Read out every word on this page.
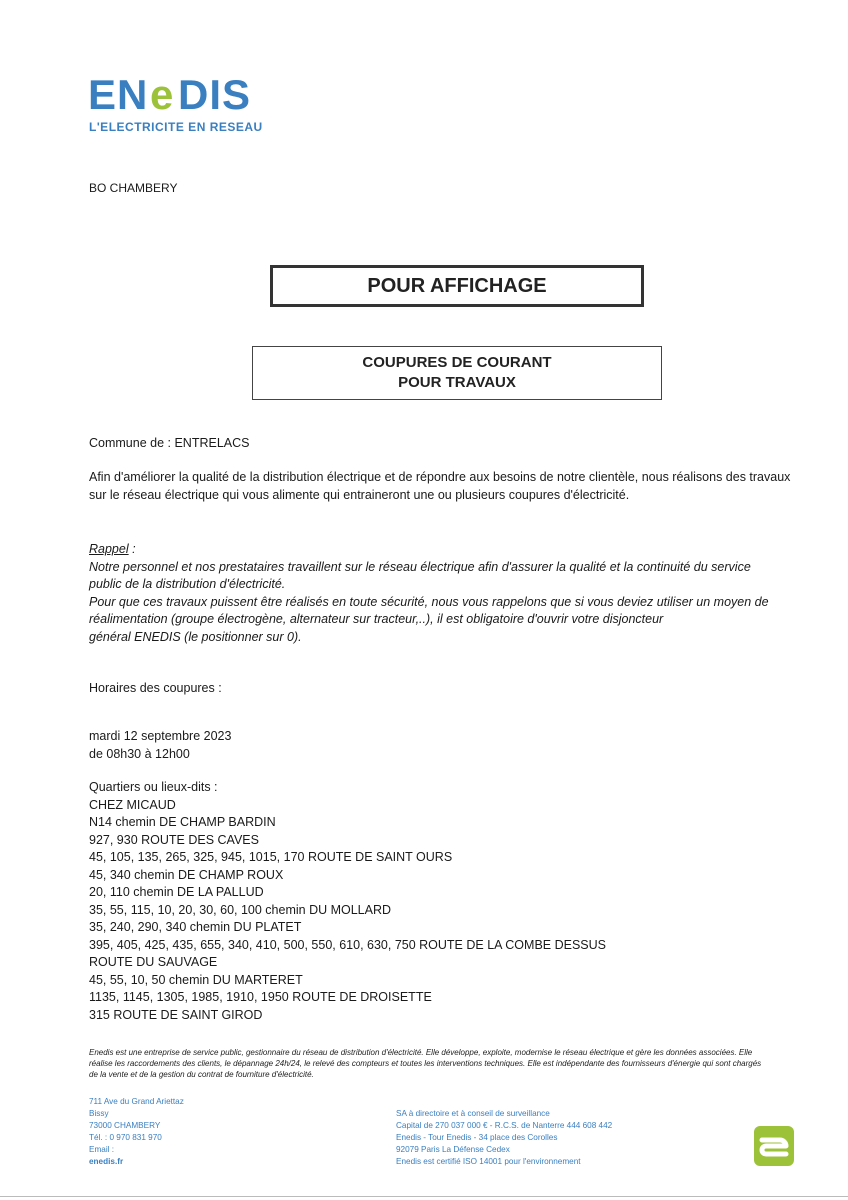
EN e DIS
L'ELECTRICITE EN RESEAU
BO CHAMBERY
POUR AFFICHAGE
COUPURES DE COURANT
POUR TRAVAUX
Commune de : ENTRELACS
Afin d'améliorer la qualité de la distribution électrique et de répondre aux besoins de notre clientèle, nous réalisons des travaux sur le réseau électrique qui vous alimente qui entraineront une ou plusieurs coupures d'électricité.
Rappel :
Notre personnel et nos prestataires travaillent sur le réseau électrique afin d'assurer la qualité et la continuité du service
public de la distribution d'électricité.
Pour que ces travaux puissent être réalisés en toute sécurité, nous vous rappelons que si vous deviez utiliser un moyen de
réalimentation (groupe électrogène, alternateur sur tracteur,..), il est obligatoire d'ouvrir votre disjoncteur
général ENEDIS (le positionner sur 0).
Horaires des coupures :
mardi 12 septembre 2023
de 08h30 à 12h00
Quartiers ou lieux-dits :
CHEZ MICAUD
N14 chemin DE CHAMP BARDIN
927, 930 ROUTE DES CAVES
45, 105, 135, 265, 325, 945, 1015, 170 ROUTE DE SAINT OURS
45, 340 chemin DE CHAMP ROUX
20, 110 chemin DE LA PALLUD
35, 55, 115, 10, 20, 30, 60, 100 chemin DU MOLLARD
35, 240, 290, 340 chemin DU PLATET
395, 405, 425, 435, 655, 340, 410, 500, 550, 610, 630, 750 ROUTE DE LA COMBE DESSUS
ROUTE DU SAUVAGE
45, 55, 10, 50 chemin DU MARTERET
1135, 1145, 1305, 1985, 1910, 1950 ROUTE DE DROISETTE
315 ROUTE DE SAINT GIROD
Enedis est une entreprise de service public, gestionnaire du réseau de distribution d'électricité. Elle développe, exploite, modernise le réseau électrique et gère les données associées. Elle réalise les raccordements des clients, le dépannage 24h/24, le relevé des compteurs et toutes les interventions techniques. Elle est indépendante des fournisseurs d'énergie qui sont chargés de la vente et de la gestion du contrat de fourniture d'électricité.
711 Ave du Grand Ariettaz
Bissy
73000 CHAMBERY
Tél. : 0 970 831 970
Email :
enedis.fr
SA à directoire et à conseil de surveillance
Capital de 270 037 000 € - R.C.S. de Nanterre 444 608 442
Enedis - Tour Enedis - 34 place des Corolles
92079 Paris La Défense Cedex
Enedis est certifié ISO 14001 pour l'environnement
